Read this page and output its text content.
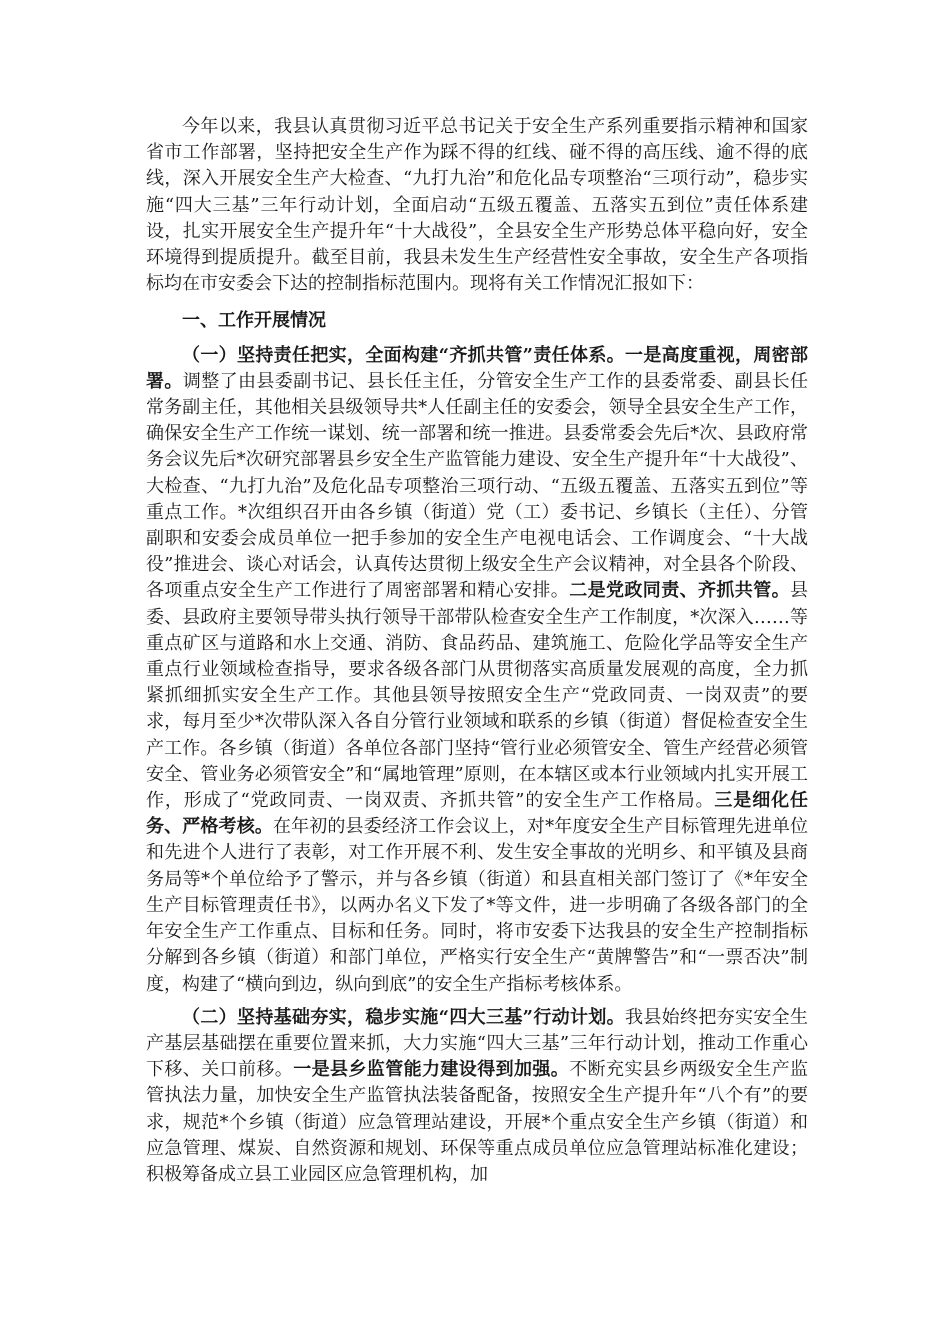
今年以来，我县认真贯彻习近平总书记关于安全生产系列重要指示精神和国家省市工作部署，坚持把安全生产作为踩不得的红线、碰不得的高压线、逾不得的底线，深入开展安全生产大检查、“九打九治”和危化品专项整治“三项行动”，稳步实施“四大三基”三年行动计划，全面启动“五级五覆盖、五落实五到位”责任体系建设，扎实开展安全生产提升年“十大战役”，全县安全生产形势总体平稳向好，安全环境得到提质提升。截至目前，我县未发生生产经营性安全事故，安全生产各项指标均在市安委会下达的控制指标范围内。现将有关工作情况汇报如下：

一、工作开展情况

（一）坚持责任把实，全面构建“齐抓共管”责任体系。一是高度重视，周密部署。调整了由县委副书记、县长任主任，分管安全生产工作的县委常委、副县长任常务副主任，其他相关县级领导共*人任副主任的安委会，领导全县安全生产工作，确保安全生产工作统一谋划、统一部署和统一推进。县委常委会先后*次、县政府常务会议先后*次研究部署县乡安全生产监管能力建设、安全生产提升年“十大战役”、大检查、“九打九治”及危化品专项整治三项行动、“五级五覆盖、五落实五到位”等重点工作。*次组织召开由各乡镇（街道）党（工）委书记、乡镇长（主任）、分管副职和安委会成员单位一把手参加的安全生产电视电话会、工作调度会、“十大战役”推进会、谈心对话会，认真传达贯彻上级安全生产会议精神，对全县各个阶段、各项重点安全生产工作进行了周密部署和精心安排。二是党政同责、齐抓共管。县委、县政府主要领导带头执行领导干部带队检查安全生产工作制度，*次深入……等重点矿区与道路和水上交通、消防、食品药品、建筑施工、危险化学品等安全生产重点行业领域检查指导，要求各级各部门从贯彻落实高质量发展观的高度，全力抓紧抓细抓实安全生产工作。其他县领导按照安全生产“党政同责、一岗双责”的要求，每月至少*次带队深入各自分管行业领域和联系的乡镇（街道）督促检查安全生产工作。各乡镇（街道）各单位各部门坚持“管行业必须管安全、管生产经营必须管安全、管业务必须管安全”和“属地管理”原则，在本辖区或本行业领域内扎实开展工作，形成了“党政同责、一岗双责、齐抓共管”的安全生产工作格局。三是细化任务、严格考核。在年初的县委经济工作会议上，对*年度安全生产目标管理先进单位和先进个人进行了表彰，对工作开展不利、发生安全事故的光明乡、和平镇及县商务局等*个单位给予了警示，并与各乡镇（街道）和县直相关部门签订了《*年安全生产目标管理责任书》，以两办名义下发了*等文件，进一步明确了各级各部门的全年安全生产工作重点、目标和任务。同时，将市安委下达我县的安全生产控制指标分解到各乡镇（街道）和部门单位，严格实行安全生产“黄牌警告”和“一票否决”制度，构建了“横向到边，纵向到底”的安全生产指标考核体系。

（二）坚持基础夯实，稳步实施“四大三基”行动计划。我县始终把夯实安全生产基层基础摆在重要位置来抓，大力实施“四大三基”三年行动计划，推动工作重心下移、关口前移。一是县乡监管能力建设得到加强。不断充实县乡两级安全生产监管执法力量，加快安全生产监管执法装备配备，按照安全生产提升年“八个有”的要求，规范*个乡镇（街道）应急管理站建设，开展*个重点安全生产乡镇（街道）和应急管理、煤炭、自然资源和规划、环保等重点成员单位应急管理站标准化建设；积极筹备成立县工业园区应急管理机构，加
